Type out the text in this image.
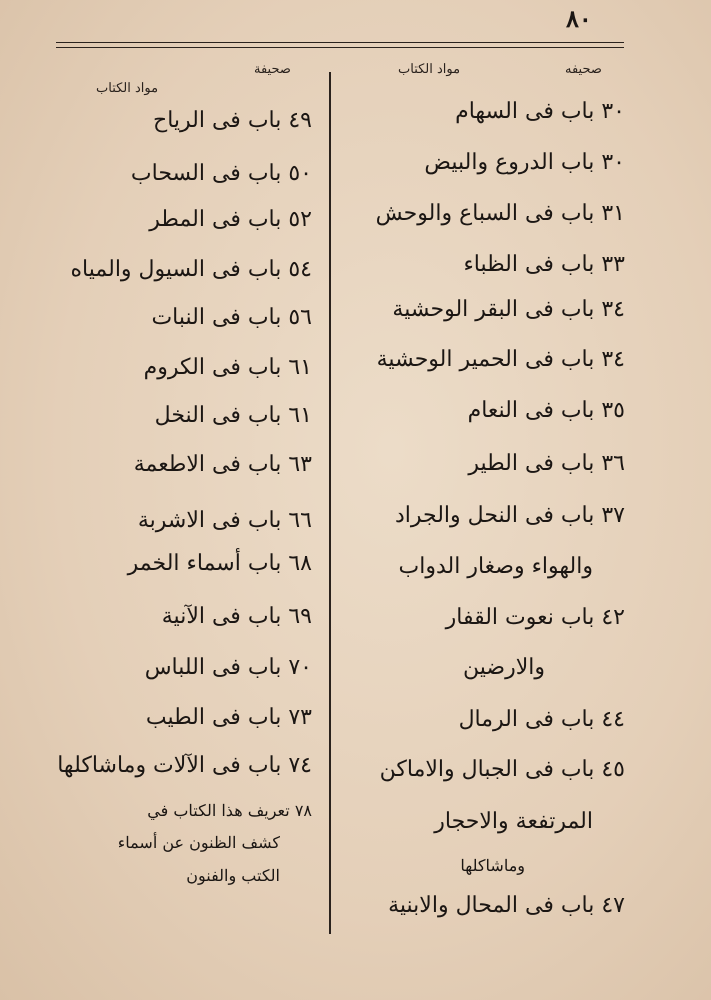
٨٠
صحيفه
مواد الكتاب
صحيفة
مواد الكتاب
٣٠ باب فى السهام
٣٠ باب الدروع والبيض
٣١ باب فى السباع والوحش
٣٣ باب فى الظباء
٣٤ باب فى البقر الوحشية
٣٤ باب فى الحمير الوحشية
٣٥ باب فى النعام
٣٦ باب فى الطير
٣٧ باب فى النحل والجراد
والهواء وصغار الدواب
٤٢ باب نعوت القفار
والارضين
٤٤ باب فى الرمال
٤٥ باب فى الجبال والاماكن
المرتفعة والاحجار
وماشاكلها
٤٧ باب فى المحال والابنية
٤٩ باب فى الرياح
٥٠ باب فى السحاب
٥٢ باب فى المطر
٥٤ باب فى السيول والمياه
٥٦ باب فى النبات
٦١ باب فى الكروم
٦١ باب فى النخل
٦٣ باب فى الاطعمة
٦٦ باب فى الاشربة
٦٨ باب أسماء الخمر
٦٩ باب فى الآنية
٧٠ باب فى اللباس
٧٣ باب فى الطيب
٧٤ باب فى الآلات وماشاكلها
٧٨ تعريف هذا الكتاب في
كشف الظنون عن أسماء
الكتب والفنون
